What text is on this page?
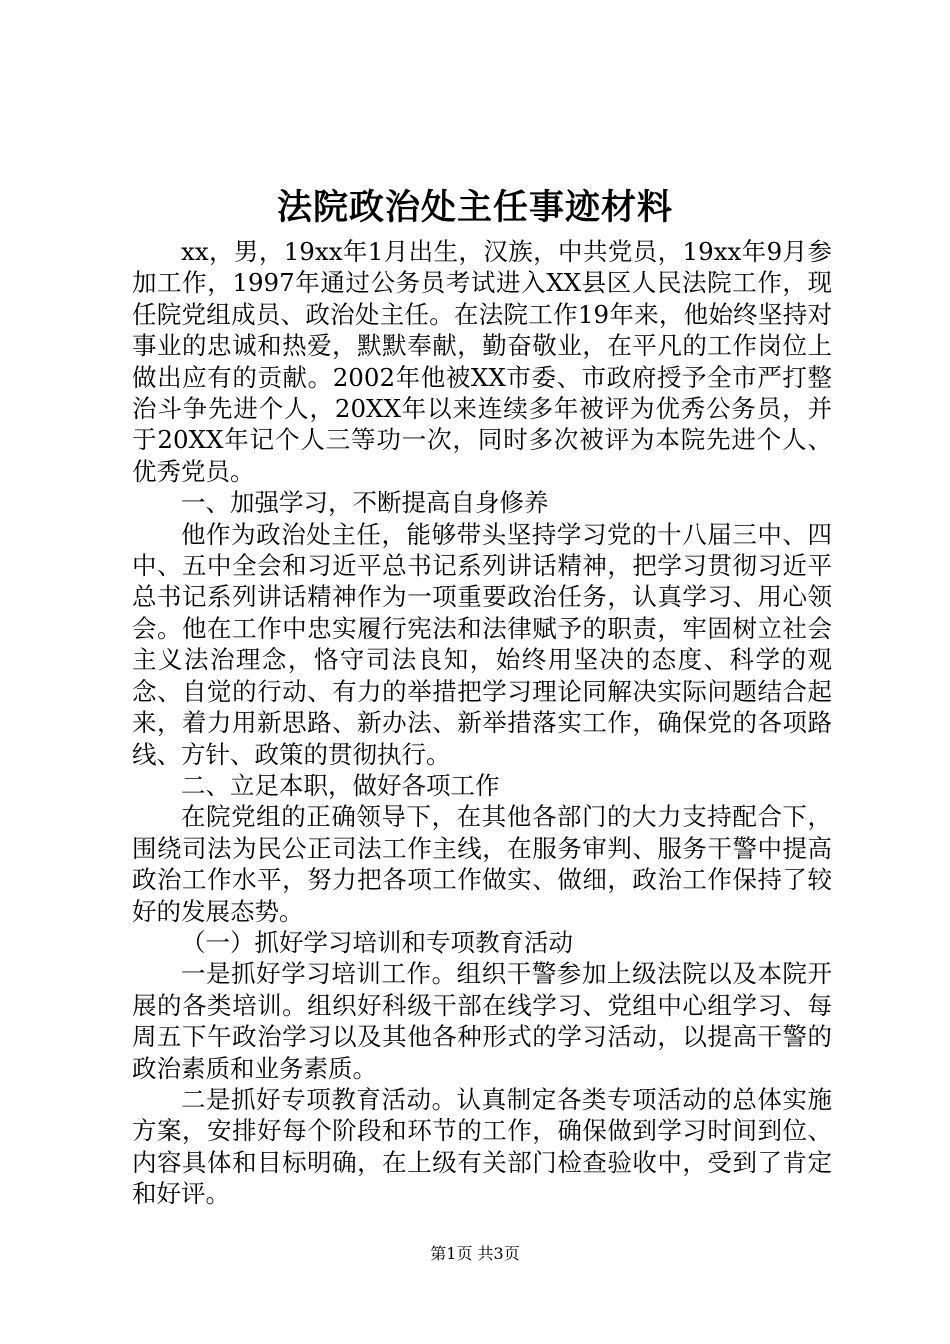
法院政治处主任事迹材料

xx，男，19xx年1月出生，汉族，中共党员，19xx年9月参加工作，1997年通过公务员考试进入XX县区人民法院工作，现任院党组成员、政治处主任。在法院工作19年来，他始终坚持对事业的忠诚和热爱，默默奉献，勤奋敬业，在平凡的工作岗位上做出应有的贡献。2002年他被XX市委、市政府授予全市严打整治斗争先进个人，20XX年以来连续多年被评为优秀公务员，并于20XX年记个人三等功一次，同时多次被评为本院先进个人、优秀党员。

一、加强学习，不断提高自身修养

他作为政治处主任，能够带头坚持学习党的十八届三中、四中、五中全会和习近平总书记系列讲话精神，把学习贯彻习近平总书记系列讲话精神作为一项重要政治任务，认真学习、用心领会。他在工作中忠实履行宪法和法律赋予的职责，牢固树立社会主义法治理念，恪守司法良知，始终用坚决的态度、科学的观念、自觉的行动、有力的举措把学习理论同解决实际问题结合起来，着力用新思路、新办法、新举措落实工作，确保党的各项路线、方针、政策的贯彻执行。

二、立足本职，做好各项工作

在院党组的正确领导下，在其他各部门的大力支持配合下，围绕司法为民公正司法工作主线，在服务审判、服务干警中提高政治工作水平，努力把各项工作做实、做细，政治工作保持了较好的发展态势。

（一）抓好学习培训和专项教育活动

一是抓好学习培训工作。组织干警参加上级法院以及本院开展的各类培训。组织好科级干部在线学习、党组中心组学习、每周五下午政治学习以及其他各种形式的学习活动，以提高干警的政治素质和业务素质。

二是抓好专项教育活动。认真制定各类专项活动的总体实施方案，安排好每个阶段和环节的工作，确保做到学习时间到位、内容具体和目标明确，在上级有关部门检查验收中，受到了肯定和好评。

第1页 共3页
